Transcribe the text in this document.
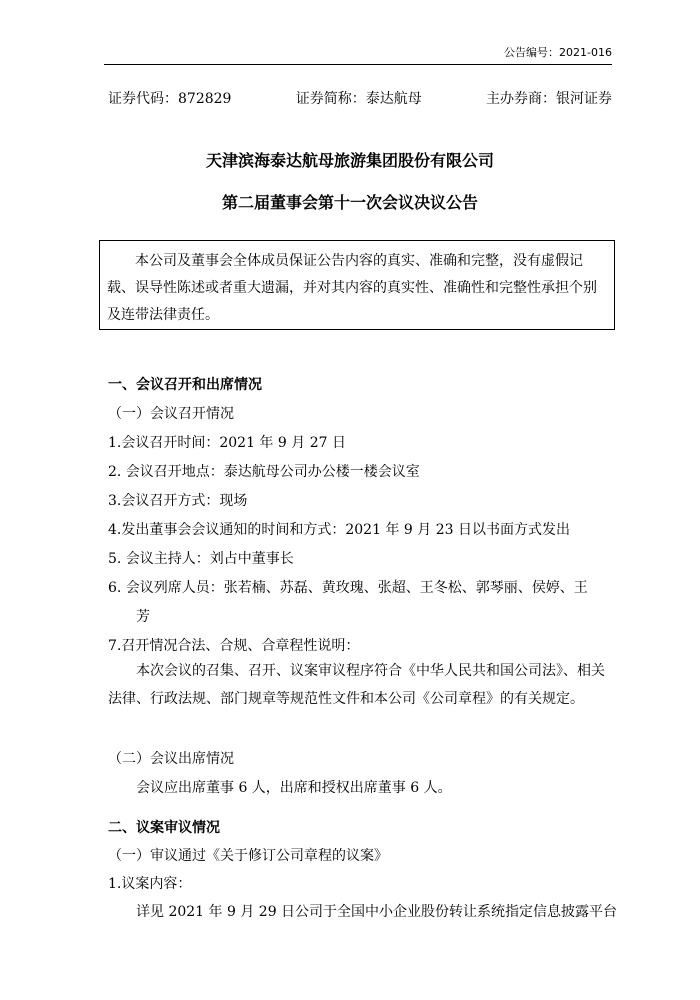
公告编号：2021-016
证券代码：872829	证券简称：泰达航母	主办券商：银河证券
天津滨海泰达航母旅游集团股份有限公司
第二届董事会第十一次会议决议公告
本公司及董事会全体成员保证公告内容的真实、准确和完整，没有虚假记载、误导性陈述或者重大遗漏，并对其内容的真实性、准确性和完整性承担个别及连带法律责任。
一、会议召开和出席情况
（一）会议召开情况
1.会议召开时间：2021 年 9 月 27 日
2. 会议召开地点：泰达航母公司办公楼一楼会议室
3.会议召开方式：现场
4.发出董事会会议通知的时间和方式：2021 年 9 月 23 日以书面方式发出
5. 会议主持人：刘占中董事长
6. 会议列席人员：张若楠、苏磊、黄玫瑰、张超、王冬松、郭琴丽、侯婷、王
芳
7.召开情况合法、合规、合章程性说明：
本次会议的召集、召开、议案审议程序符合《中华人民共和国公司法》、相关法律、行政法规、部门规章等规范性文件和本公司《公司章程》的有关规定。
（二）会议出席情况
会议应出席董事 6 人，出席和授权出席董事 6 人。
二、议案审议情况
（一）审议通过《关于修订公司章程的议案》
1.议案内容：
详见 2021 年 9 月 29 日公司于全国中小企业股份转让系统指定信息披露平台
